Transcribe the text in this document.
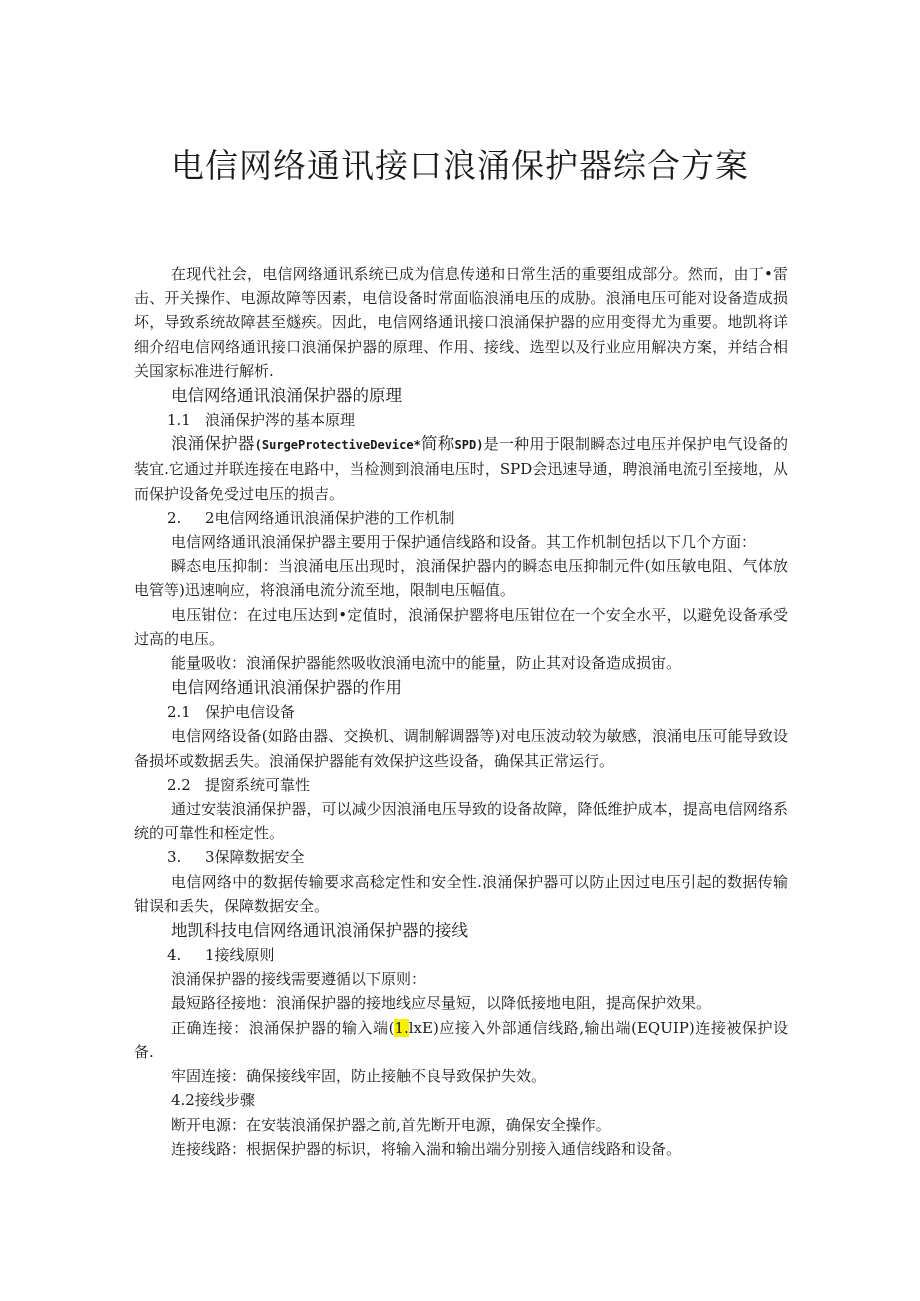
电信网络通讯接口浪涌保护器综合方案

在现代社会，电信网络通讯系统已成为信息传递和日常生活的重要组成部分。然而，由丁•雷击、开关操作、电源故障等因素，电信设备时常面临浪涌电压的成胁。浪涌电压可能对设备造成损坏，导致系统故障甚至燧疾。因此，电信网络通讯接口浪涌保护器的应用变得尤为重要。地凯将详细介绍电信网络通讯接口浪涌保护器的原理、作用、接线、选型以及行业应用解决方案，并结合相关国家标准进行解析.

电信网络通讯浪涌保护器的原理

1.1 浪涌保护涔的基本原理

浪涌保护器(SurgeProtectiveDevice*简称SPD)是一种用于限制瞬态过电压并保护电气设备的装宜.它通过并联连接在电路中，当检测到浪涌电压时，SPD会迅速导通，聘浪涌电流引至接地，从而保护设备免受过电压的损吉。

2. 2电信网络通讯浪涌保护港的工作机制

电信网络通讯浪涌保护器主要用于保护通信线路和设备。其工作机制包括以下几个方面：

瞬态电压抑制：当浪涌电压出现时，浪涌保护器内的瞬态电压抑制元件(如压敏电阻、气体放电管等)迅速响应，将浪涌电流分流至地，限制电压幅值。

电压钳位：在过电压达到•定值时，浪涌保护罂将电压钳位在一个安全水平，以避免设备承受过高的电压。

能量吸收：浪涌保护器能然吸收浪涌电流中的能量，防止其对设备造成损宙。

电信网络通讯浪涌保护器的作用

2.1 保护电信设备

电信网络设备(如路由器、交换机、调制解调器等)对电压波动较为敏感，浪涌电压可能导致设备损坏或数据丢失。浪涌保护器能有效保护这些设备，确保其正常运行。

2.2 提窗系统可靠性

通过安装浪涌保护器，可以减少因浪涌电压导致的设备故障，降低维护成本，提高电信网络系统的可靠性和桎定性。

3. 3保障数据安全

电信网络中的数据传输要求高稔定性和安全性.浪涌保护器可以防止因过电压引起的数据传输钳误和丢失，保障数据安全。

地凯科技电信网络通讯浪涌保护器的接线

4. 1接线原则

浪涌保护器的接线需要遵循以下原则：

最短路径接地：浪涌保护器的接地线应尽量短，以降低接地电阻，提高保护效果。

正确连接：浪涌保护器的输入端(1.lxE)应接入外部通信线路,输出端(EQUIP)连接被保护设备.

牢固连接：确保接线牢固，防止接触不良导致保护失效。

4.2接线步骤

断开电源：在安装浪涌保护器之前,首先断开电源，确保安全操作。

连接线路：根据保护器的标识，将输入湍和输出端分别接入通信线路和设备。
